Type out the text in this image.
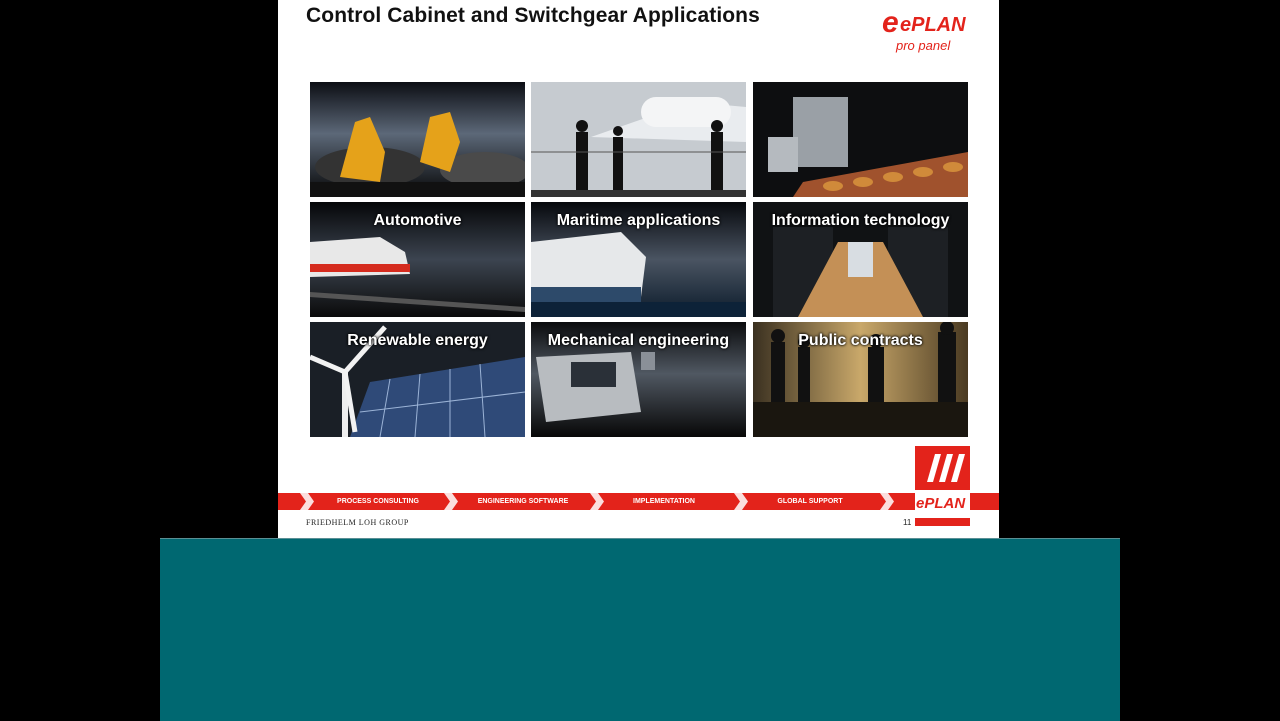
Control Cabinet and Switchgear Applications	e ePLAN
pro panel
Automotive	Maritime applications	Information technology
Renewable energy	Mechanical engineering	Public contracts
PROCESS CONSULTING	ENGINEERING SOFTWARE	IMPLEMENTATION	GLOBAL SUPPORT
FRIEDHELM LOH GROUP	11
ePLAN
